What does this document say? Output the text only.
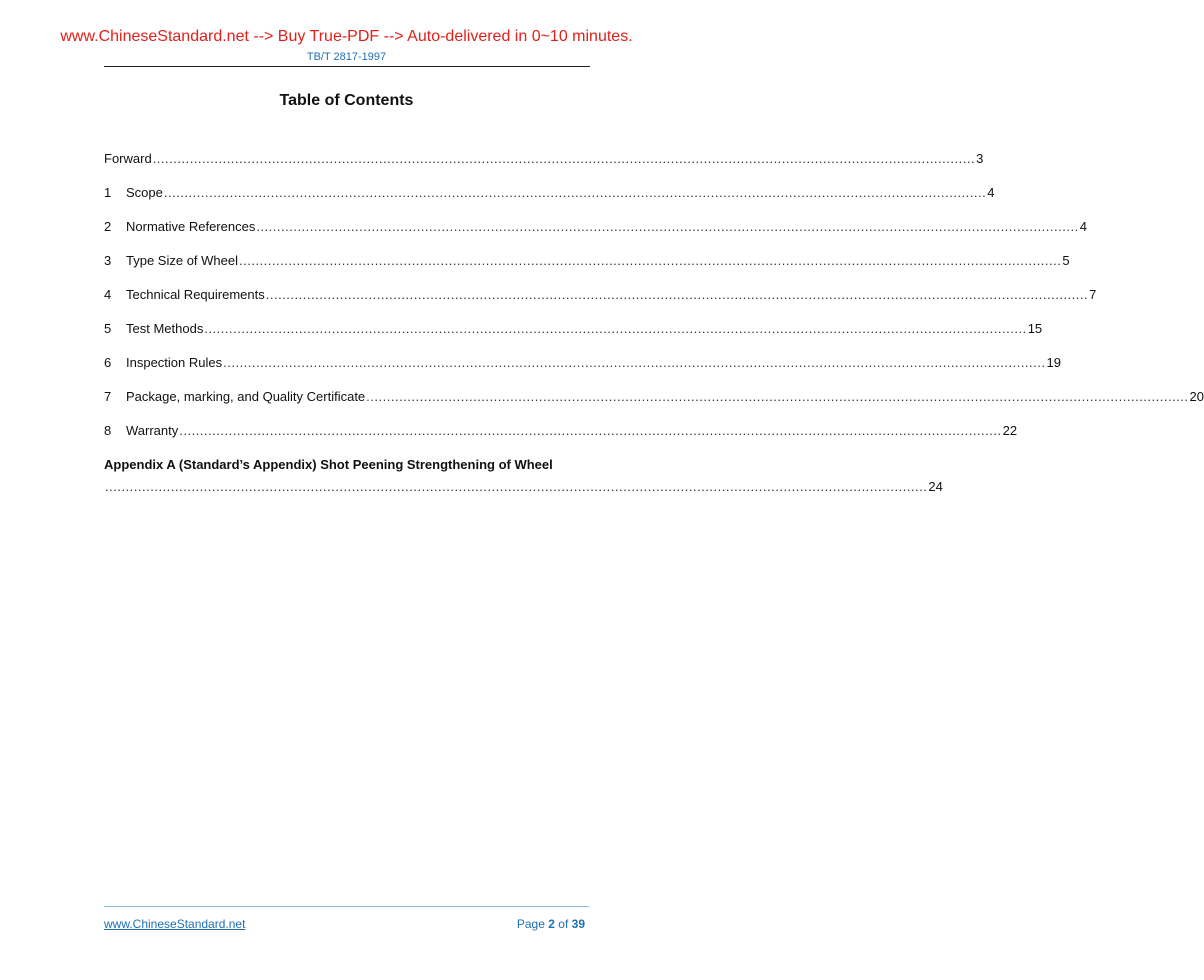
www.ChineseStandard.net --> Buy True-PDF --> Auto-delivered in 0~10 minutes.
TB/T 2817-1997
Table of Contents
Forward ........................................................................................................................................................................................................ 3
1	Scope ........................................................................................................................................................................................................ 4
2	Normative References ........................................................................................................................................................................................................ 4
3	Type Size of Wheel ........................................................................................................................................................................................................ 5
4	Technical Requirements ........................................................................................................................................................................................................ 7
5	Test Methods ........................................................................................................................................................................................................ 15
6	Inspection Rules ........................................................................................................................................................................................................ 19
7	Package, marking, and Quality Certificate ........................................................................................................................................................................................................ 20
8	Warranty ........................................................................................................................................................................................................ 22
Appendix A (Standard’s Appendix) Shot Peening Strengthening of Wheel
........................................................................................................................................................................................................ 24
www.ChineseStandard.net	Page 2 of 39
